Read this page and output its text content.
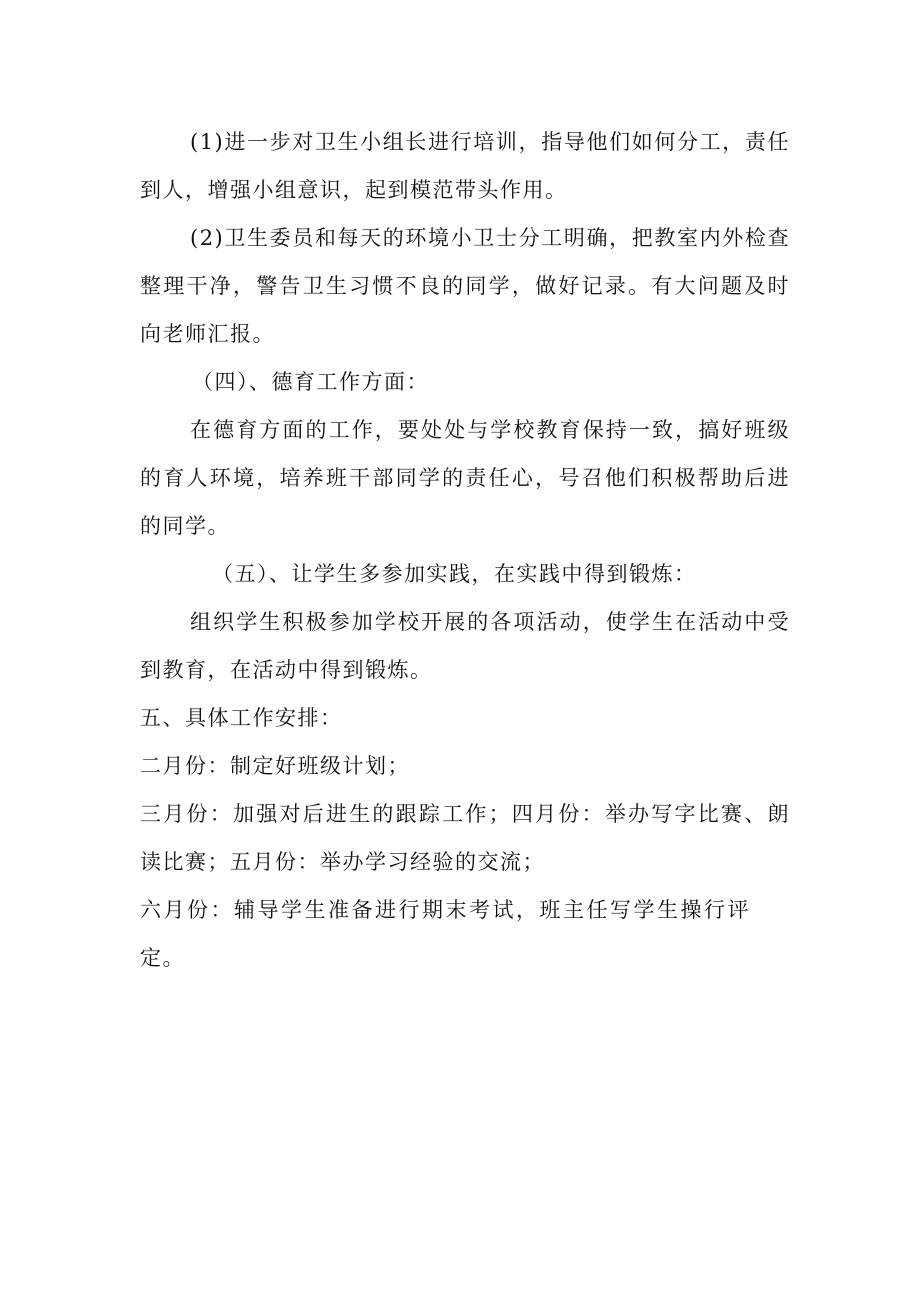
(1)进一步对卫生小组长进行培训，指导他们如何分工，责任到人，增强小组意识，起到模范带头作用。

(2)卫生委员和每天的环境小卫士分工明确，把教室内外检查整理干净，警告卫生习惯不良的同学，做好记录。有大问题及时向老师汇报。

（四）、德育工作方面：

在德育方面的工作，要处处与学校教育保持一致，搞好班级的育人环境，培养班干部同学的责任心，号召他们积极帮助后进的同学。

（五）、让学生多参加实践，在实践中得到锻炼：

组织学生积极参加学校开展的各项活动，使学生在活动中受到教育，在活动中得到锻炼。

五、具体工作安排：

二月份：制定好班级计划；

三月份：加强对后进生的跟踪工作；四月份：举办写字比赛、朗读比赛；五月份：举办学习经验的交流；

六月份：辅导学生准备进行期末考试，班主任写学生操行评定。
